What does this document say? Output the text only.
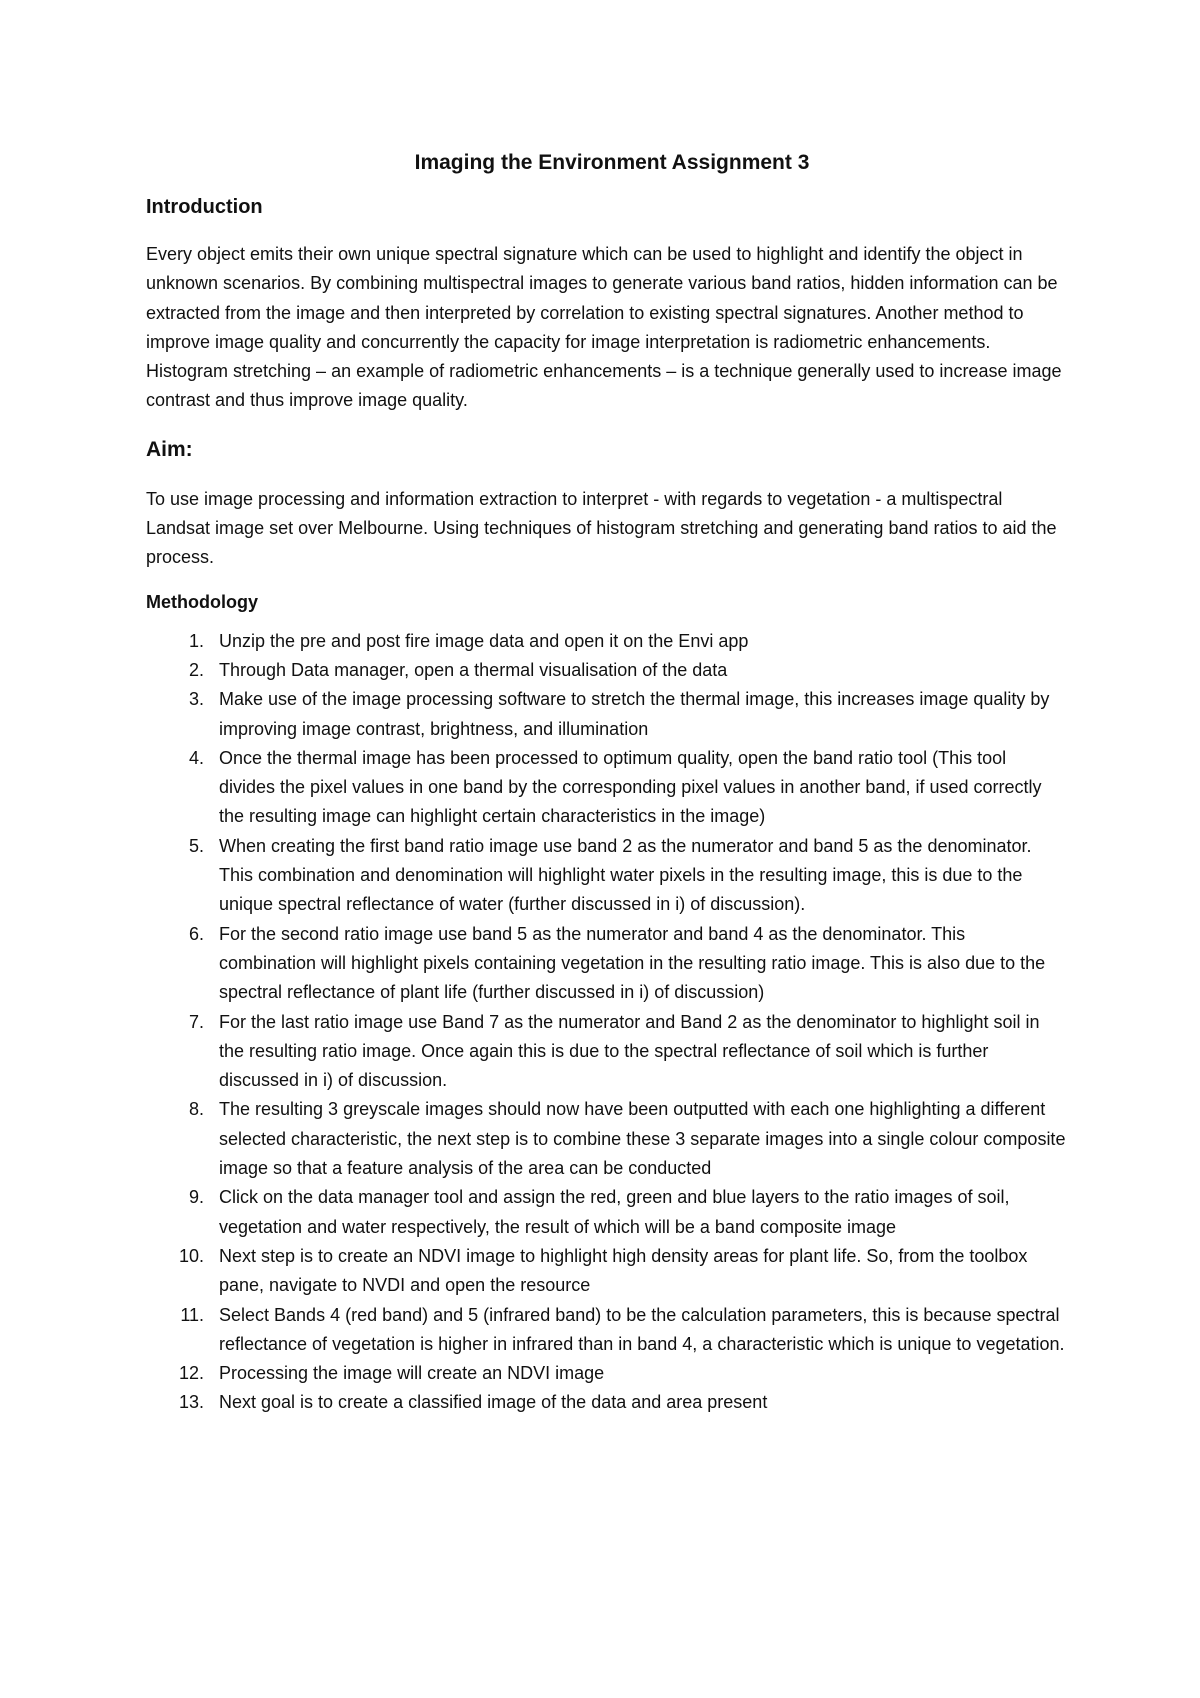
Imaging the Environment Assignment 3
Introduction

Every object emits their own unique spectral signature which can be used to highlight and identify the object in unknown scenarios. By combining multispectral images to generate various band ratios, hidden information can be extracted from the image and then interpreted by correlation to existing spectral signatures. Another method to improve image quality and concurrently the capacity for image interpretation is radiometric enhancements. Histogram stretching – an example of radiometric enhancements – is a technique generally used to increase image contrast and thus improve image quality.

Aim:

To use image processing and information extraction to interpret - with regards to vegetation - a multispectral Landsat image set over Melbourne. Using techniques of histogram stretching and generating band ratios to aid the process.

Methodology
1. Unzip the pre and post fire image data and open it on the Envi app
2. Through Data manager, open a thermal visualisation of the data
3. Make use of the image processing software to stretch the thermal image, this increases image quality by improving image contrast, brightness, and illumination
4. Once the thermal image has been processed to optimum quality, open the band ratio tool (This tool divides the pixel values in one band by the corresponding pixel values in another band, if used correctly the resulting image can highlight certain characteristics in the image)
5. When creating the first band ratio image use band 2 as the numerator and band 5 as the denominator. This combination and denomination will highlight water pixels in the resulting image, this is due to the unique spectral reflectance of water (further discussed in i) of discussion).
6. For the second ratio image use band 5 as the numerator and band 4 as the denominator. This combination will highlight pixels containing vegetation in the resulting ratio image. This is also due to the spectral reflectance of plant life (further discussed in i) of discussion)
7. For the last ratio image use Band 7 as the numerator and Band 2 as the denominator to highlight soil in the resulting ratio image. Once again this is due to the spectral reflectance of soil which is further discussed in i) of discussion.
8. The resulting 3 greyscale images should now have been outputted with each one highlighting a different selected characteristic, the next step is to combine these 3 separate images into a single colour composite image so that a feature analysis of the area can be conducted
9. Click on the data manager tool and assign the red, green and blue layers to the ratio images of soil, vegetation and water respectively, the result of which will be a band composite image
10. Next step is to create an NDVI image to highlight high density areas for plant life. So, from the toolbox pane, navigate to NVDI and open the resource
11. Select Bands 4 (red band) and 5 (infrared band) to be the calculation parameters, this is because spectral reflectance of vegetation is higher in infrared than in band 4, a characteristic which is unique to vegetation.
12. Processing the image will create an NDVI image
13. Next goal is to create a classified image of the data and area present
